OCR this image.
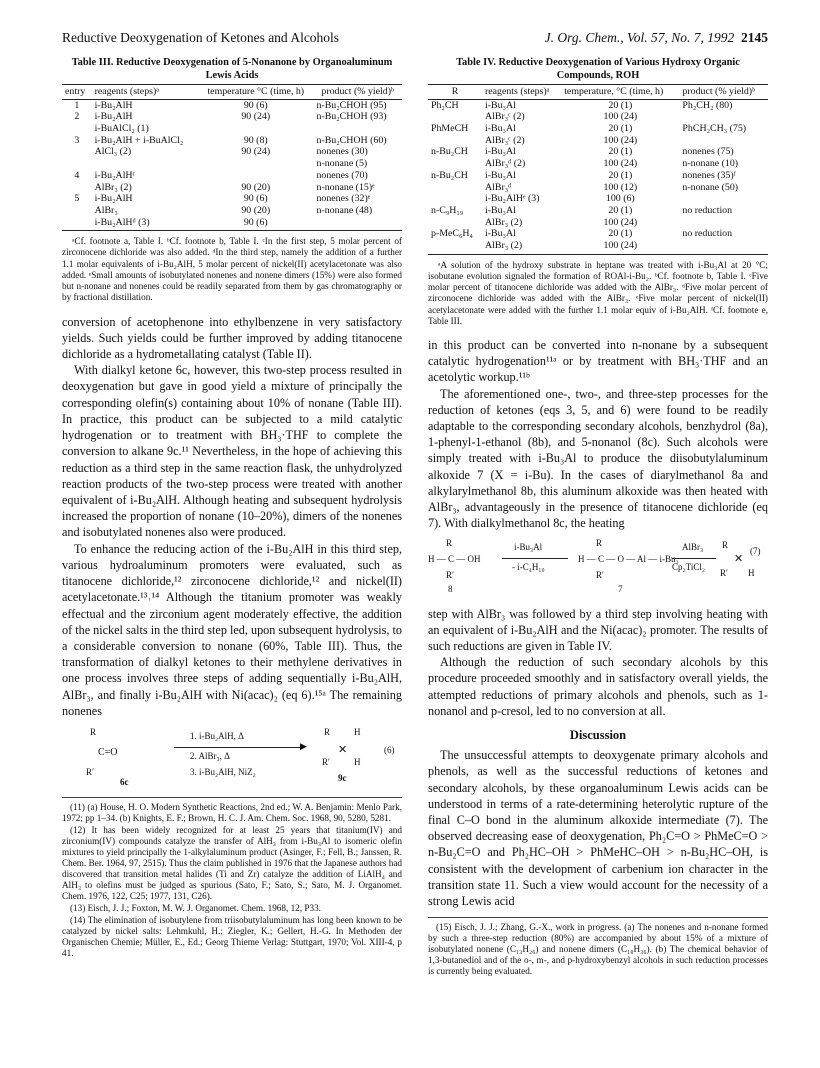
Reductive Deoxygenation of Ketones and Alcohols	J. Org. Chem., Vol. 57, No. 7, 1992 2145
Table III. Reductive Deoxygenation of 5-Nonanone by Organoaluminum Lewis Acids
entry	reagents (steps)ᵃ	temperature °C (time, h)	product (% yield)ᵇ
1	i-Bu₂AlH	90 (6)	n-Bu₂CHOH (95)
2	i-Bu₂AlH	90 (24)	n-Bu₂CHOH (93)
	i-BuAlCl₂ (1)		
3	i-Bu₂AlH + i-BuAlCl₂	90 (8)	n-Bu₂CHOH (60)
	AlCl₃ (2)	90 (24)	nonenes (30)
			n-nonane (5)
4	i-Bu₂AlHᶜ		nonenes (70)
	AlBr₃ (2)	90 (20)	n-nonane (15)ᵉ
5	i-Bu₂AlH	90 (6)	nonenes (32)ᵉ
	AlBr₃	90 (20)	n-nonane (48)
	i-Bu₂AlHᵈ (3)	90 (6)	
ᵃCf. footnote a, Table I. ᵇCf. footnote b, Table I. ᶜIn the first step, 5 molar percent of zirconocene dichloride was also added. ᵈIn the third step, namely the addition of a further 1.1 molar equivalents of i-Bu₂AlH, 5 molar percent of nickel(II) acetylacetonate was also added. ᵉSmall amounts of isobutylated nonenes and nonene dimers (15%) were also formed but n-nonane and nonenes could be readily separated from them by gas chromatography or by fractional distillation.

conversion of acetophenone into ethylbenzene in very satisfactory yields. Such yields could be further improved by adding titanocene dichloride as a hydrometallating catalyst (Table II).

With dialkyl ketone 6c, however, this two-step process resulted in deoxygenation but gave in good yield a mixture of principally the corresponding olefin(s) containing about 10% of nonane (Table III). In practice, this product can be subjected to a mild catalytic hydrogenation or to treatment with BH₃·THF to complete the conversion to alkane 9c.¹¹ Nevertheless, in the hope of achieving this reduction as a third step in the same reaction flask, the unhydrolyzed reaction products of the two-step process were treated with another equivalent of i-Bu₂AlH. Although heating and subsequent hydrolysis increased the proportion of nonane (10–20%), dimers of the nonenes and isobutylated nonenes also were produced.

To enhance the reducing action of the i-Bu₂AlH in this third step, various hydroaluminum promoters were evaluated, such as titanocene dichloride,¹² zirconocene dichloride,¹² and nickel(II) acetylacetonate.¹³˒¹⁴ Although the titanium promoter was weakly effectual and the zirconium agent moderately effective, the addition of the nickel salts in the third step led, upon subsequent hydrolysis, to a considerable conversion to nonane (60%, Table III). Thus, the transformation of dialkyl ketones to their methylene derivatives in one process involves three steps of adding sequentially i-Bu₂AlH, AlBr₃, and finally i-Bu₂AlH with Ni(acac)₂ (eq 6).¹⁵ᵃ The remaining nonenes

R
C=O
R′
6c
1. i-Bu₂AlH, Δ
▶
2. AlBr₃, Δ
3. i-Bu₂AlH, NiZ₂
R	H
✕
R′	H
9c
(6)

(11) (a) House, H. O. Modern Synthetic Reactions, 2nd ed.; W. A. Benjamin: Menlo Park, 1972; pp 1–34. (b) Knights, E. F.; Brown, H. C. J. Am. Chem. Soc. 1968, 90, 5280, 5281.

(12) It has been widely recognized for at least 25 years that titanium(IV) and zirconium(IV) compounds catalyze the transfer of AlH₃ from i-Bu₃Al to isomeric olefin mixtures to yield principally the 1-alkylaluminum product (Asinger, F.; Fell, B.; Janssen, R. Chem. Ber. 1964, 97, 2515). Thus the claim published in 1976 that the Japanese authors had discovered that transition metal halides (Ti and Zr) catalyze the addition of LiAlH₄ and AlH₃ to olefins must be judged as spurious (Sato, F.; Sato, S.; Sato, M. J. Organomet. Chem. 1976, 122, C25; 1977, 131, C26).

(13) Eisch, J. J.; Foxton, M. W. J. Organomet. Chem. 1968, 12, P33.

(14) The elimination of isobutylene from triisobutylaluminum has long been known to be catalyzed by nickel salts: Lehmkuhl, H.; Ziegler, K.; Gellert, H.-G. In Methoden der Organischen Chemie; Müller, E., Ed.; Georg Thieme Verlag: Stuttgart, 1970; Vol. XIII-4, p 41.

Table IV. Reductive Deoxygenation of Various Hydroxy Organic Compounds, ROH
R	reagents (steps)ᵃ	temperature, °C (time, h)	product (% yield)ᵇ
Ph₂CH	i-Bu₃Al	20 (1)	Ph₂CH₂ (80)
	AlBr₃ᶜ (2)	100 (24)	
PhMeCH	i-Bu₃Al	20 (1)	PhCH₂CH₃ (75)
	AlBr₃ᶜ (2)	100 (24)	
n-Bu₂CH	i-Bu₃Al	20 (1)	nonenes (75)
	AlBr₃ᵈ (2)	100 (24)	n-nonane (10)
n-Bu₂CH	i-Bu₃Al	20 (1)	nonenes (35)ᶠ
	AlBr₃ᵈ	100 (12)	n-nonane (50)
	i-Bu₂AlHᵉ (3)	100 (6)	
n-C₉H₁₉	i-Bu₃Al	20 (1)	no reduction
	AlBr₃ (2)	100 (24)	
p-MeC₆H₄	i-Bu₃Al	20 (1)	no reduction
	AlBr₃ (2)	100 (24)	
ᵃA solution of the hydroxy substrate in heptane was treated with i-Bu₃Al at 20 °C; isobutane evolution signaled the formation of ROAl-i-Bu₂. ᵇCf. footnote b, Table I. ᶜFive molar percent of titanocene dichloride was added with the AlBr₃. ᵈFive molar percent of zirconocene dichloride was added with the AlBr₃. ᵉFive molar percent of nickel(II) acetylacetonate were added with the further 1.1 molar equiv of i-Bu₂AlH. ᶠCf. footnote e, Table III.

in this product can be converted into n-nonane by a subsequent catalytic hydrogenation¹¹ᵃ or by treatment with BH₃·THF and an acetolytic workup.¹¹ᵇ

The aforementioned one-, two-, and three-step processes for the reduction of ketones (eqs 3, 5, and 6) were found to be readily adaptable to the corresponding secondary alcohols, benzhydrol (8a), 1-phenyl-1-ethanol (8b), and 5-nonanol (8c). Such alcohols were simply treated with i-Bu₃Al to produce the diisobutylaluminum alkoxide 7 (X = i-Bu). In the cases of diarylmethanol 8a and alkylarylmethanol 8b, this aluminum alkoxide was then heated with AlBr₃, advantageously in the presence of titanocene dichloride (eq 7). With dialkylmethanol 8c, the heating

R
H — C — OH
R′
8
i-Bu₃Al
- i-C₄H₁₀
R
H — C — O — Al — i-Bu₂
R′
7
AlBr₃
Cp₂TiCl₂
R
✕
R′ H
(7)

step with AlBr₃ was followed by a third step involving heating with an equivalent of i-Bu₂AlH and the Ni(acac)₂ promoter. The results of such reductions are given in Table IV.

Although the reduction of such secondary alcohols by this procedure proceeded smoothly and in satisfactory overall yields, the attempted reductions of primary alcohols and phenols, such as 1-nonanol and p-cresol, led to no conversion at all.

Discussion

The unsuccessful attempts to deoxygenate primary alcohols and phenols, as well as the successful reductions of ketones and secondary alcohols, by these organoaluminum Lewis acids can be understood in terms of a rate-determining heterolytic rupture of the final C–O bond in the aluminum alkoxide intermediate (7). The observed decreasing ease of deoxygenation, Ph₂C=O > PhMeC=O > n-Bu₂C=O and Ph₂HC–OH > PhMeHC–OH > n-Bu₂HC–OH, is consistent with the development of carbenium ion character in the transition state 11. Such a view would account for the necessity of a strong Lewis acid

(15) Eisch, J. J.; Zhang, G.-X., work in progress. (a) The nonenes and n-nonane formed by such a three-step reduction (80%) are accompanied by about 15% of a mixture of isobutylated nonene (C₁₃H₂₆) and nonene dimers (C₁₈H₃₆). (b) The chemical behavior of 1,3-butanediol and of the o-, m-, and p-hydroxybenzyl alcohols in such reduction processes is currently being evaluated.
